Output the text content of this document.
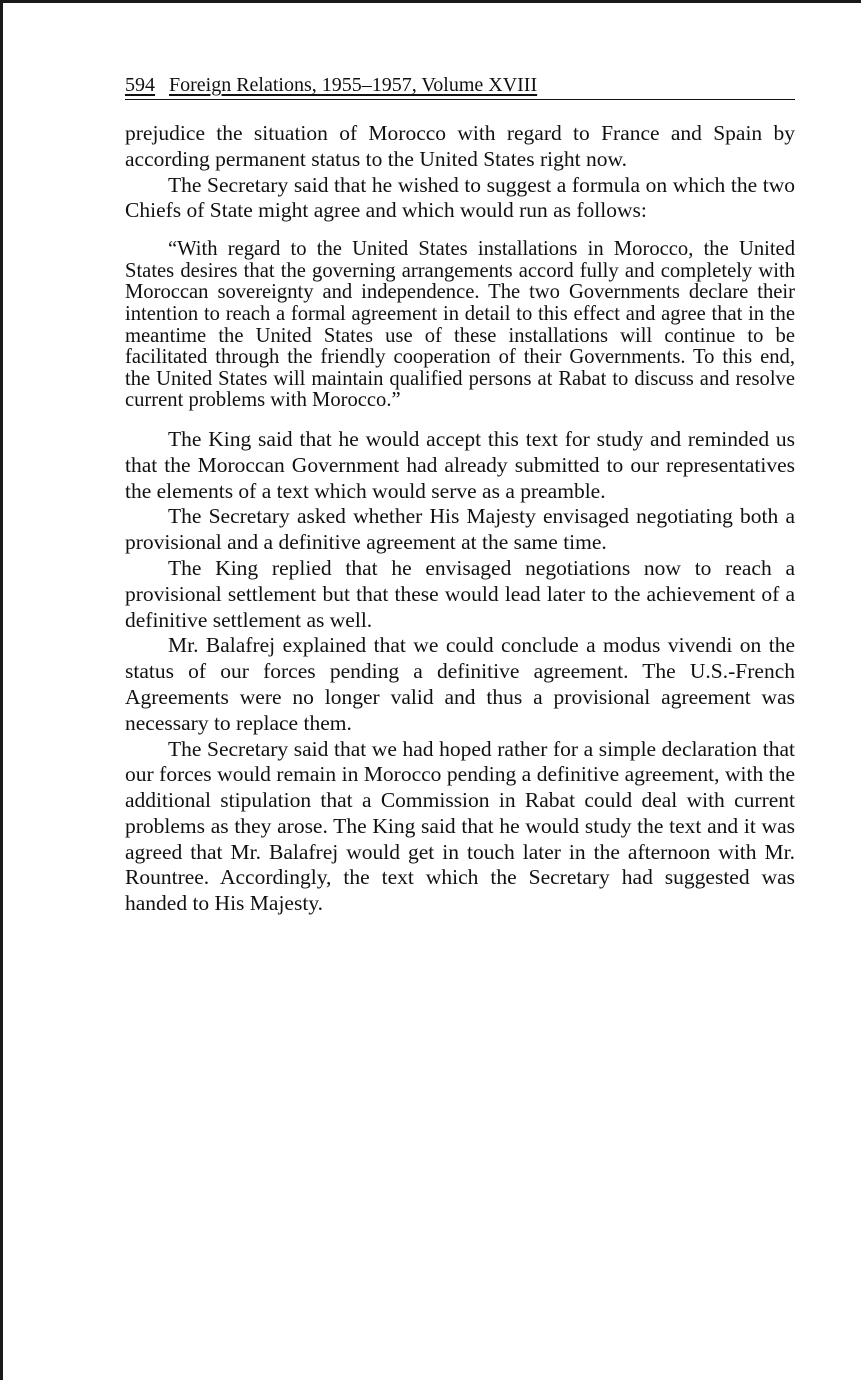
594 Foreign Relations, 1955–1957, Volume XVIII

prejudice the situation of Morocco with regard to France and Spain by according permanent status to the United States right now.

The Secretary said that he wished to suggest a formula on which the two Chiefs of State might agree and which would run as follows:

“With regard to the United States installations in Morocco, the United States desires that the governing arrangements accord fully and completely with Moroccan sovereignty and independence. The two Governments declare their intention to reach a formal agreement in detail to this effect and agree that in the meantime the United States use of these installations will continue to be facilitated through the friendly cooperation of their Governments. To this end, the United States will maintain qualified persons at Rabat to discuss and resolve current problems with Morocco.”

The King said that he would accept this text for study and reminded us that the Moroccan Government had already submitted to our representatives the elements of a text which would serve as a preamble.

The Secretary asked whether His Majesty envisaged negotiating both a provisional and a definitive agreement at the same time.

The King replied that he envisaged negotiations now to reach a provisional settlement but that these would lead later to the achievement of a definitive settlement as well.

Mr. Balafrej explained that we could conclude a modus vivendi on the status of our forces pending a definitive agreement. The U.S.-French Agreements were no longer valid and thus a provisional agreement was necessary to replace them.

The Secretary said that we had hoped rather for a simple declaration that our forces would remain in Morocco pending a definitive agreement, with the additional stipulation that a Commission in Rabat could deal with current problems as they arose. The King said that he would study the text and it was agreed that Mr. Balafrej would get in touch later in the afternoon with Mr. Rountree. Accordingly, the text which the Secretary had suggested was handed to His Majesty.
